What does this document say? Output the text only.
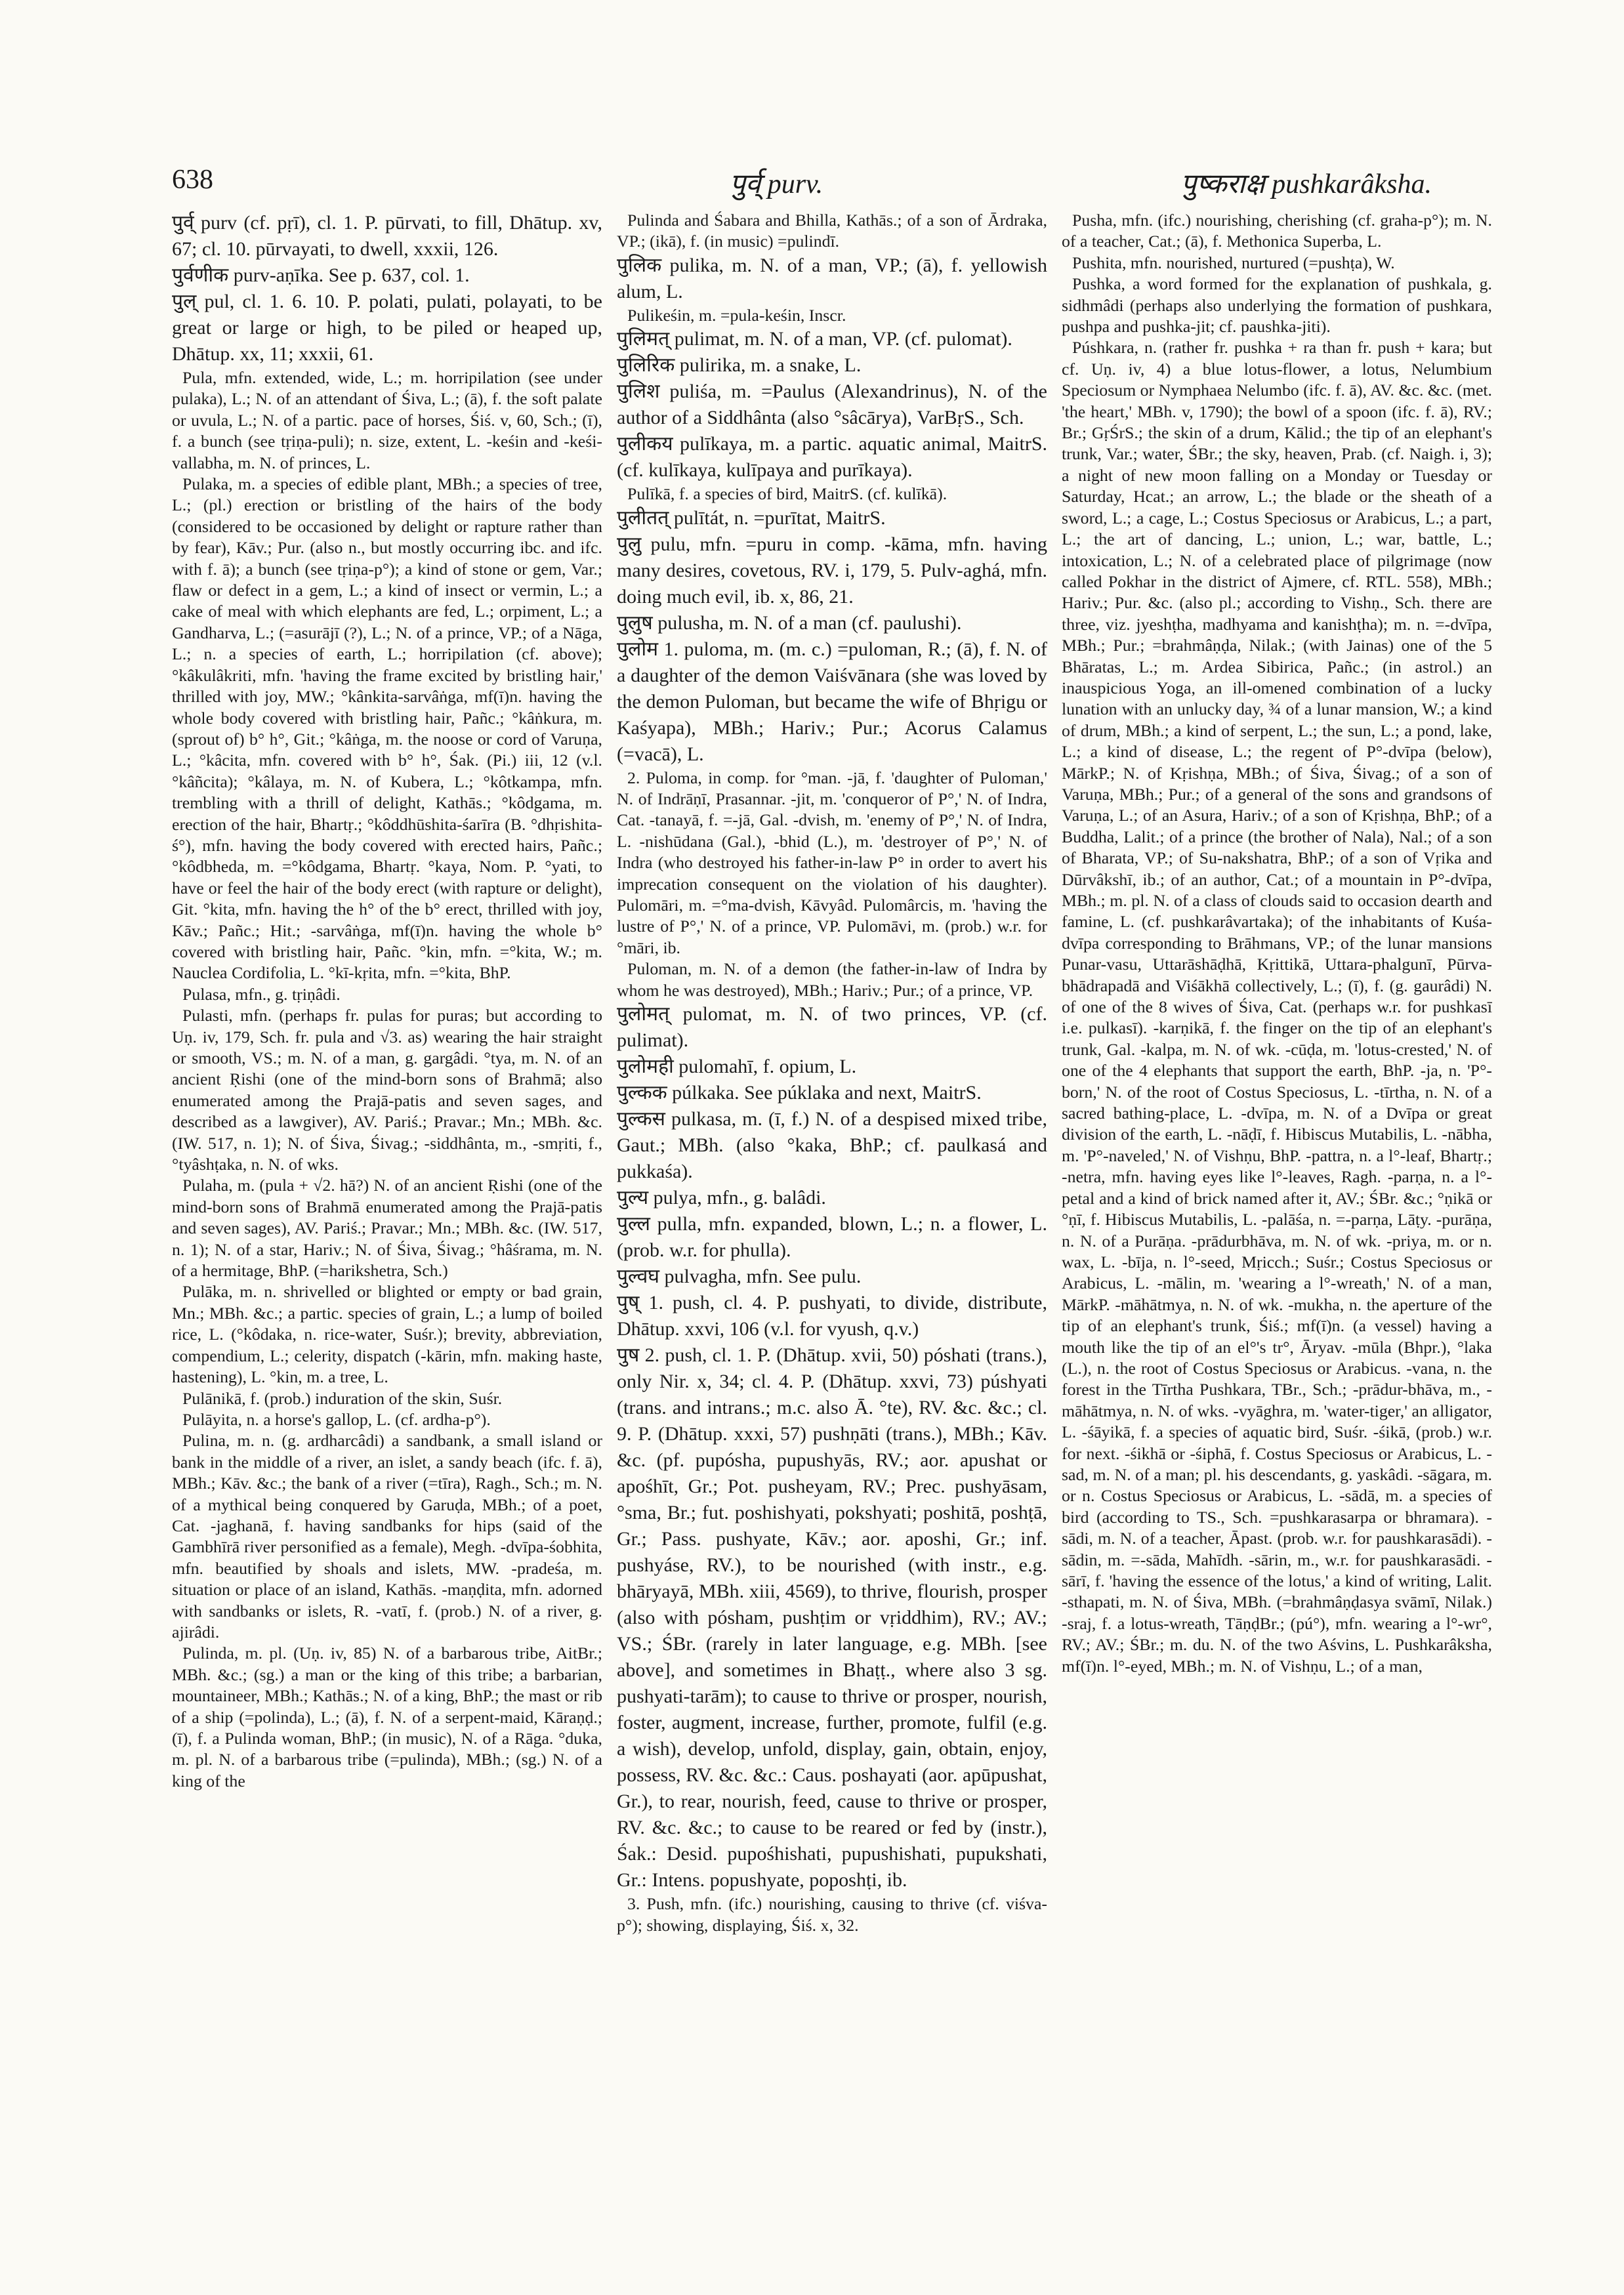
638	पुर्व् purv.	पुष्कराक्ष pushkarâksha.

पुर्व् purv (cf. pṛī), cl. 1. P. pūrvati, to fill, Dhātup. xv, 67; cl. 10. pūrvayati, to dwell, xxxii, 126.

पुर्वणीक purv-aṇīka. See p. 637, col. 1.

पुल् pul, cl. 1. 6. 10. P. polati, pulati, polayati, to be great or large or high, to be piled or heaped up, Dhātup. xx, 11; xxxii, 61.

Pula, mfn. extended, wide, L.; m. horripilation (see under pulaka), L.; N. of an attendant of Śiva, L.; (ā), f. the soft palate or uvula, L.; N. of a partic. pace of horses, Śiś. v, 60, Sch.; (ī), f. a bunch (see tṛiṇa-puli); n. size, extent, L. -keśin and -keśi-vallabha, m. N. of princes, L.

Pulaka, m. a species of edible plant, MBh.; a species of tree, L.; (pl.) erection or bristling of the hairs of the body (considered to be occasioned by delight or rapture rather than by fear), Kāv.; Pur. (also n., but mostly occurring ibc. and ifc. with f. ā); a bunch (see tṛiṇa-p°); a kind of stone or gem, Var.; flaw or defect in a gem, L.; a kind of insect or vermin, L.; a cake of meal with which elephants are fed, L.; orpiment, L.; a Gandharva, L.; (=asurājī (?), L.; N. of a prince, VP.; of a Nāga, L.; n. a species of earth, L.; horripilation (cf. above); °kâkulâkriti, mfn. 'having the frame excited by bristling hair,' thrilled with joy, MW.; °kânkita-sarvâṅga, mf(ī)n. having the whole body covered with bristling hair, Pañc.; °kâṅkura, m. (sprout of) b° h°, Git.; °kâṅga, m. the noose or cord of Varuṇa, L.; °kâcita, mfn. covered with b° h°, Śak. (Pi.) iii, 12 (v.l. °kâñcita); °kâlaya, m. N. of Kubera, L.; °kôtkampa, mfn. trembling with a thrill of delight, Kathās.; °kôdgama, m. erection of the hair, Bhartṛ.; °kôddhūshita-śarīra (B. °dhṛishita-ś°), mfn. having the body covered with erected hairs, Pañc.; °kôdbheda, m. =°kôdgama, Bhartṛ. °kaya, Nom. P. °yati, to have or feel the hair of the body erect (with rapture or delight), Git. °kita, mfn. having the h° of the b° erect, thrilled with joy, Kāv.; Pañc.; Hit.; -sarvâṅga, mf(ī)n. having the whole b° covered with bristling hair, Pañc. °kin, mfn. =°kita, W.; m. Nauclea Cordifolia, L. °kī-kṛita, mfn. =°kita, BhP.

Pulasa, mfn., g. tṛiṇâdi.

Pulasti, mfn. (perhaps fr. pulas for puras; but according to Uṇ. iv, 179, Sch. fr. pula and √3. as) wearing the hair straight or smooth, VS.; m. N. of a man, g. gargâdi. °tya, m. N. of an ancient Ṛishi (one of the mind-born sons of Brahmā; also enumerated among the Prajā-patis and seven sages, and described as a lawgiver), AV. Pariś.; Pravar.; Mn.; MBh. &c. (IW. 517, n. 1); N. of Śiva, Śivag.; -siddhânta, m., -smṛiti, f., °tyâshṭaka, n. N. of wks.

Pulaha, m. (pula + √2. hā?) N. of an ancient Ṛishi (one of the mind-born sons of Brahmā enumerated among the Prajā-patis and seven sages), AV. Pariś.; Pravar.; Mn.; MBh. &c. (IW. 517, n. 1); N. of a star, Hariv.; N. of Śiva, Śivag.; °hâśrama, m. N. of a hermitage, BhP. (=harikshetra, Sch.)

Pulāka, m. n. shrivelled or blighted or empty or bad grain, Mn.; MBh. &c.; a partic. species of grain, L.; a lump of boiled rice, L. (°kôdaka, n. rice-water, Suśr.); brevity, abbreviation, compendium, L.; celerity, dispatch (-kārin, mfn. making haste, hastening), L. °kin, m. a tree, L.

Pulānikā, f. (prob.) induration of the skin, Suśr.

Pulāyita, n. a horse's gallop, L. (cf. ardha-p°).

Pulina, m. n. (g. ardharcâdi) a sandbank, a small island or bank in the middle of a river, an islet, a sandy beach (ifc. f. ā), MBh.; Kāv. &c.; the bank of a river (=tīra), Ragh., Sch.; m. N. of a mythical being conquered by Garuḍa, MBh.; of a poet, Cat. -jaghanā, f. having sandbanks for hips (said of the Gambhīrā river personified as a female), Megh. -dvīpa-śobhita, mfn. beautified by shoals and islets, MW. -pradeśa, m. situation or place of an island, Kathās. -maṇḍita, mfn. adorned with sandbanks or islets, R. -vatī, f. (prob.) N. of a river, g. ajirâdi.

Pulinda, m. pl. (Uṇ. iv, 85) N. of a barbarous tribe, AitBr.; MBh. &c.; (sg.) a man or the king of this tribe; a barbarian, mountaineer, MBh.; Kathās.; N. of a king, BhP.; the mast or rib of a ship (=polinda), L.; (ā), f. N. of a serpent-maid, Kāraṇḍ.; (ī), f. a Pulinda woman, BhP.; (in music), N. of a Rāga. °duka, m. pl. N. of a barbarous tribe (=pulinda), MBh.; (sg.) N. of a king of the

Pulinda and Śabara and Bhilla, Kathās.; of a son of Ārdraka, VP.; (ikā), f. (in music) =pulindī.

पुलिक pulika, m. N. of a man, VP.; (ā), f. yellowish alum, L.

Pulikeśin, m. =pula-keśin, Inscr.

पुलिमत् pulimat, m. N. of a man, VP. (cf. pulomat).

पुलिरिक pulirika, m. a snake, L.

पुलिश puliśa, m. =Paulus (Alexandrinus), N. of the author of a Siddhânta (also °sâcārya), VarBṛS., Sch.

पुलीकय pulīkaya, m. a partic. aquatic animal, MaitrS. (cf. kulīkaya, kulīpaya and purīkaya).

Pulīkā, f. a species of bird, MaitrS. (cf. kulīkā).

पुलीतत् pulītát, n. =purītat, MaitrS.

पुलु pulu, mfn. =puru in comp. -kāma, mfn. having many desires, covetous, RV. i, 179, 5. Pulv-aghá, mfn. doing much evil, ib. x, 86, 21.

पुलुष pulusha, m. N. of a man (cf. paulushi).

पुलोम 1. puloma, m. (m. c.) =puloman, R.; (ā), f. N. of a daughter of the demon Vaiśvānara (she was loved by the demon Puloman, but became the wife of Bhṛigu or Kaśyapa), MBh.; Hariv.; Pur.; Acorus Calamus (=vacā), L.

2. Puloma, in comp. for °man. -jā, f. 'daughter of Puloman,' N. of Indrāṇī, Prasannar. -jit, m. 'conqueror of P°,' N. of Indra, Cat. -tanayā, f. =-jā, Gal. -dvish, m. 'enemy of P°,' N. of Indra, L. -nishūdana (Gal.), -bhid (L.), m. 'destroyer of P°,' N. of Indra (who destroyed his father-in-law P° in order to avert his imprecation consequent on the violation of his daughter). Pulomāri, m. =°ma-dvish, Kāvyâd. Pulomârcis, m. 'having the lustre of P°,' N. of a prince, VP. Pulomāvi, m. (prob.) w.r. for °māri, ib.

Puloman, m. N. of a demon (the father-in-law of Indra by whom he was destroyed), MBh.; Hariv.; Pur.; of a prince, VP.

पुलोमत् pulomat, m. N. of two princes, VP. (cf. pulimat).

पुलोमही pulomahī, f. opium, L.

पुल्कक púlkaka. See púklaka and next, MaitrS.

पुल्कस pulkasa, m. (ī, f.) N. of a despised mixed tribe, Gaut.; MBh. (also °kaka, BhP.; cf. paulkasá and pukkaśa).

पुल्य pulya, mfn., g. balâdi.

पुल्ल pulla, mfn. expanded, blown, L.; n. a flower, L. (prob. w.r. for phulla).

पुल्वघ pulvagha, mfn. See pulu.

पुष् 1. push, cl. 4. P. pushyati, to divide, distribute, Dhātup. xxvi, 106 (v.l. for vyush, q.v.)

पुष 2. push, cl. 1. P. (Dhātup. xvii, 50) póshati (trans.), only Nir. x, 34; cl. 4. P. (Dhātup. xxvi, 73) púshyati (trans. and intrans.; m.c. also Ā. °te), RV. &c. &c.; cl. 9. P. (Dhātup. xxxi, 57) pushṇāti (trans.), MBh.; Kāv. &c. (pf. pupósha, pupushyās, RV.; aor. apushat or apośhīt, Gr.; Pot. pusheyam, RV.; Prec. pushyāsam, °sma, Br.; fut. poshishyati, pokshyati; poshitā, poshṭā, Gr.; Pass. pushyate, Kāv.; aor. aposhi, Gr.; inf. pushyáse, RV.), to be nourished (with instr., e.g. bhāryayā, MBh. xiii, 4569), to thrive, flourish, prosper (also with pósham, pushṭim or vṛiddhim), RV.; AV.; VS.; ŚBr. (rarely in later language, e.g. MBh. [see above], and sometimes in Bhaṭṭ., where also 3 sg. pushyati-tarām); to cause to thrive or prosper, nourish, foster, augment, increase, further, promote, fulfil (e.g. a wish), develop, unfold, display, gain, obtain, enjoy, possess, RV. &c. &c.: Caus. poshayati (aor. apūpushat, Gr.), to rear, nourish, feed, cause to thrive or prosper, RV. &c. &c.; to cause to be reared or fed by (instr.), Śak.: Desid. pupośhishati, pupushishati, pupukshati, Gr.: Intens. popushyate, poposhṭi, ib.

3. Push, mfn. (ifc.) nourishing, causing to thrive (cf. viśva-p°); showing, displaying, Śiś. x, 32.

Pusha, mfn. (ifc.) nourishing, cherishing (cf. graha-p°); m. N. of a teacher, Cat.; (ā), f. Methonica Superba, L.

Pushita, mfn. nourished, nurtured (=pushṭa), W.

Pushka, a word formed for the explanation of pushkala, g. sidhmâdi (perhaps also underlying the formation of pushkara, pushpa and pushka-jit; cf. paushka-jiti).

Púshkara, n. (rather fr. pushka + ra than fr. push + kara; but cf. Uṇ. iv, 4) a blue lotus-flower, a lotus, Nelumbium Speciosum or Nymphaea Nelumbo (ifc. f. ā), AV. &c. &c. (met. 'the heart,' MBh. v, 1790); the bowl of a spoon (ifc. f. ā), RV.; Br.; GṛŚrS.; the skin of a drum, Kālid.; the tip of an elephant's trunk, Var.; water, ŚBr.; the sky, heaven, Prab. (cf. Naigh. i, 3); a night of new moon falling on a Monday or Tuesday or Saturday, Hcat.; an arrow, L.; the blade or the sheath of a sword, L.; a cage, L.; Costus Speciosus or Arabicus, L.; a part, L.; the art of dancing, L.; union, L.; war, battle, L.; intoxication, L.; N. of a celebrated place of pilgrimage (now called Pokhar in the district of Ajmere, cf. RTL. 558), MBh.; Hariv.; Pur. &c. (also pl.; according to Vishṇ., Sch. there are three, viz. jyeshṭha, madhyama and kanishṭha); m. n. =-dvīpa, MBh.; Pur.; =brahmâṇḍa, Nilak.; (with Jainas) one of the 5 Bhāratas, L.; m. Ardea Sibirica, Pañc.; (in astrol.) an inauspicious Yoga, an ill-omened combination of a lucky lunation with an unlucky day, ¾ of a lunar mansion, W.; a kind of drum, MBh.; a kind of serpent, L.; the sun, L.; a pond, lake, L.; a kind of disease, L.; the regent of P°-dvīpa (below), MārkP.; N. of Kṛishṇa, MBh.; of Śiva, Śivag.; of a son of Varuṇa, MBh.; Pur.; of a general of the sons and grandsons of Varuṇa, L.; of an Asura, Hariv.; of a son of Kṛishṇa, BhP.; of a Buddha, Lalit.; of a prince (the brother of Nala), Nal.; of a son of Bharata, VP.; of Su-nakshatra, BhP.; of a son of Vṛika and Dūrvâkshī, ib.; of an author, Cat.; of a mountain in P°-dvīpa, MBh.; m. pl. N. of a class of clouds said to occasion dearth and famine, L. (cf. pushkarâvartaka); of the inhabitants of Kuśa-dvīpa corresponding to Brāhmans, VP.; of the lunar mansions Punar-vasu, Uttarāshāḍhā, Kṛittikā, Uttara-phalgunī, Pūrva-bhādrapadā and Viśākhā collectively, L.; (ī), f. (g. gaurâdi) N. of one of the 8 wives of Śiva, Cat. (perhaps w.r. for pushkasī i.e. pulkasī). -karṇikā, f. the finger on the tip of an elephant's trunk, Gal. -kalpa, m. N. of wk. -cūḍa, m. 'lotus-crested,' N. of one of the 4 elephants that support the earth, BhP. -ja, n. 'P°-born,' N. of the root of Costus Speciosus, L. -tīrtha, n. N. of a sacred bathing-place, L. -dvīpa, m. N. of a Dvīpa or great division of the earth, L. -nāḍī, f. Hibiscus Mutabilis, L. -nābha, m. 'P°-naveled,' N. of Vishṇu, BhP. -pattra, n. a l°-leaf, Bhartṛ.; -netra, mfn. having eyes like l°-leaves, Ragh. -parṇa, n. a l°-petal and a kind of brick named after it, AV.; ŚBr. &c.; °ṇikā or °ṇī, f. Hibiscus Mutabilis, L. -palāśa, n. =-parṇa, Lāṭy. -purāṇa, n. N. of a Purāṇa. -prādurbhāva, m. N. of wk. -priya, m. or n. wax, L. -bīja, n. l°-seed, Mṛicch.; Suśr.; Costus Speciosus or Arabicus, L. -mālin, m. 'wearing a l°-wreath,' N. of a man, MārkP. -māhātmya, n. N. of wk. -mukha, n. the aperture of the tip of an elephant's trunk, Śiś.; mf(ī)n. (a vessel) having a mouth like the tip of an el°'s tr°, Āryav. -mūla (Bhpr.), °laka (L.), n. the root of Costus Speciosus or Arabicus. -vana, n. the forest in the Tīrtha Pushkara, TBr., Sch.; -prādur-bhāva, m., -māhātmya, n. N. of wks. -vyāghra, m. 'water-tiger,' an alligator, L. -śāyikā, f. a species of aquatic bird, Suśr. -śikā, (prob.) w.r. for next. -śikhā or -śiphā, f. Costus Speciosus or Arabicus, L. -sad, m. N. of a man; pl. his descendants, g. yaskâdi. -sāgara, m. or n. Costus Speciosus or Arabicus, L. -sādā, m. a species of bird (according to TS., Sch. =pushkarasarpa or bhramara). -sādi, m. N. of a teacher, Āpast. (prob. w.r. for paushkarasādi). -sādin, m. =-sāda, Mahīdh. -sārin, m., w.r. for paushkarasādi. -sārī, f. 'having the essence of the lotus,' a kind of writing, Lalit. -sthapati, m. N. of Śiva, MBh. (=brahmâṇḍasya svāmī, Nilak.) -sraj, f. a lotus-wreath, TāṇḍBr.; (pú°), mfn. wearing a l°-wr°, RV.; AV.; ŚBr.; m. du. N. of the two Aśvins, L. Pushkarâksha, mf(ī)n. l°-eyed, MBh.; m. N. of Vishṇu, L.; of a man,
